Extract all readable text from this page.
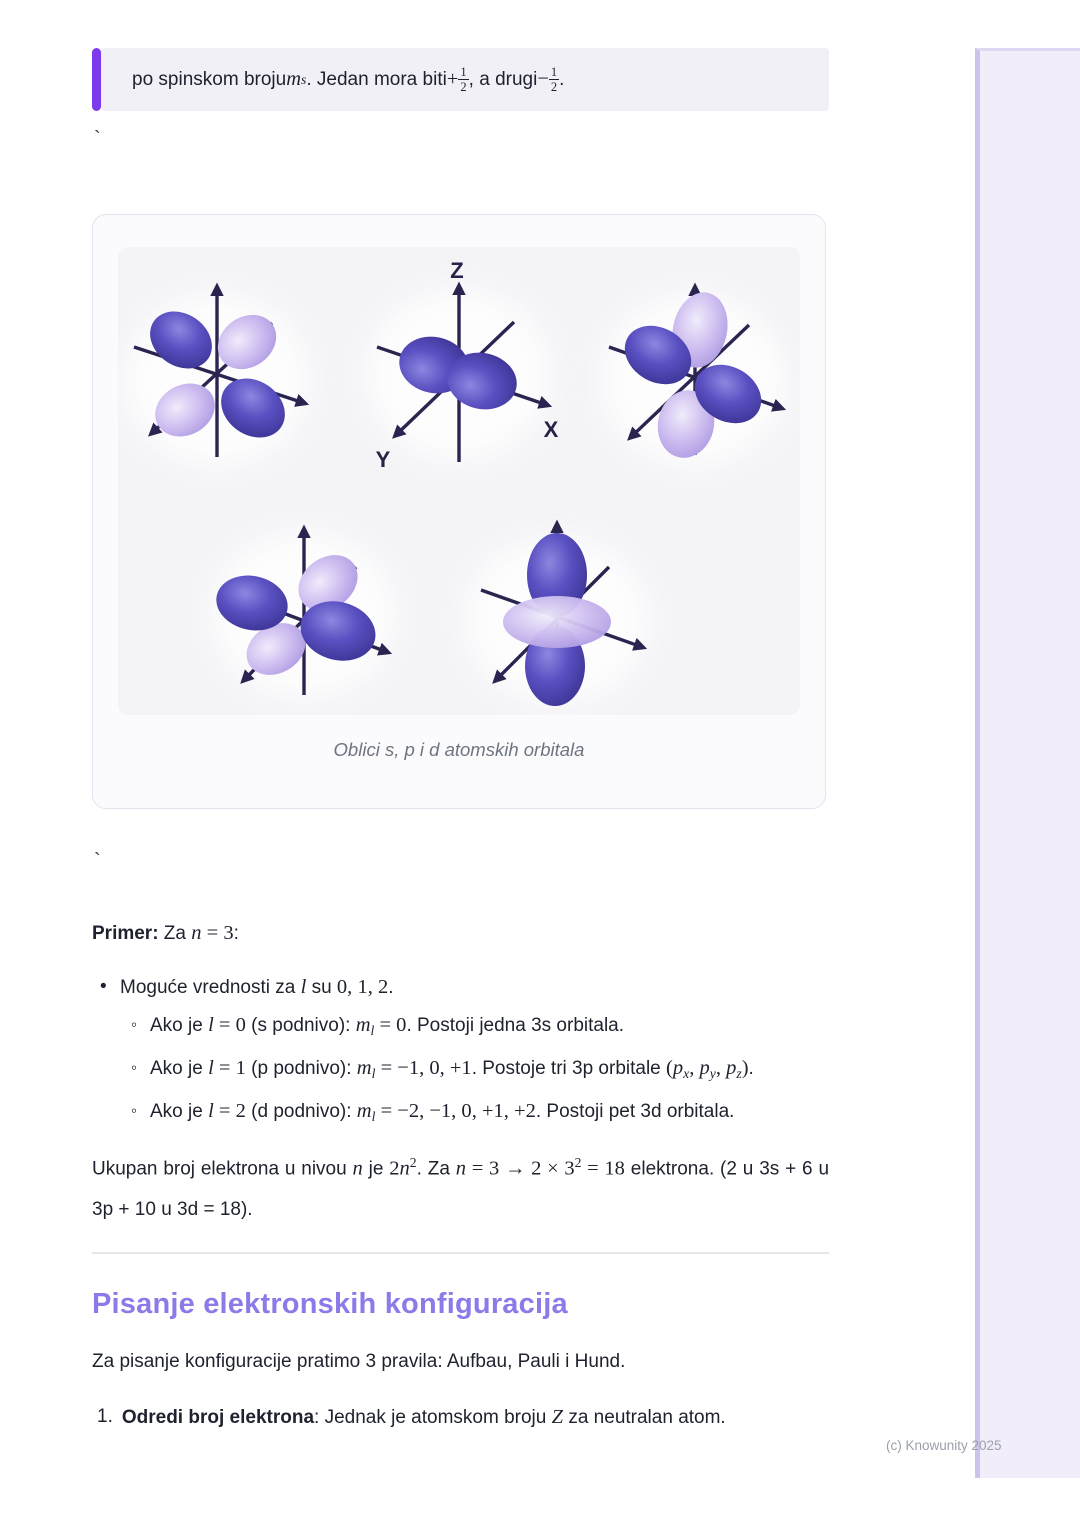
po spinskom broju m s . Jedan mora biti + $\frac{1}{2}$ , a drugi − $\frac{1}{2}$ .
`
Z
Y
X
Oblici s, p i d atomskih orbitala
`
Primer: Za n = 3:
• Moguće vrednosti za l su 0, 1, 2.
◦ Ako je l = 0 (s podnivo): $m_l = 0$. Postoji jedna 3s orbitala.
◦ Ako je l = 1 (p podnivo): $m_l = -1$, 0, +1. Postoje tri 3p orbitale ($p_x$, $p_y$, $p_z$).
◦ Ako je l = 2 (d podnivo): $m_l = -2$, −1, 0, +1, +2. Postoji pet 3d orbitala.
Ukupan broj elektrona u nivou n je $2n^2$. Za $n = 3 \to 2 \times 3^2 = 18$ elektrona. (2 u 3s + 6 u 3p + 10 u 3d = 18).
Pisanje elektronskih konfiguracija
Za pisanje konfiguracije pratimo 3 pravila: Aufbau, Pauli i Hund.
1. Odredi broj elektrona: Jednak je atomskom broju Z za neutralan atom.
(c) Knowunity 2025
